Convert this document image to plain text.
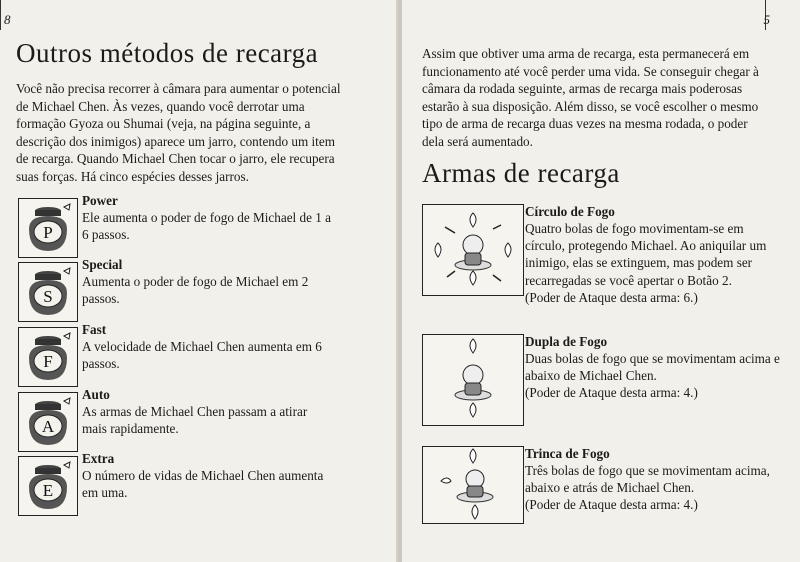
8
Outros métodos de recarga

Você não precisa recorrer à câmara para aumentar o potencial de Michael Chen. Às vezes, quando você derrotar uma formação Gyoza ou Shumai (veja, na página seguinte, a descrição dos inimigos) aparece um jarro, contendo um item de recarga. Quando Michael Chen tocar o jarro, ele recupera suas forças. Há cinco espécies desses jarros.

P
Power
Ele aumenta o poder de fogo de Michael de 1 a 6 passos.
S
Special
Aumenta o poder de fogo de Michael em 2 passos.
F
Fast
A velocidade de Michael Chen aumenta em 6 passos.
A
Auto
As armas de Michael Chen passam a atirar mais rapidamente.
E
Extra
O número de vidas de Michael Chen aumenta em uma.
5

Assim que obtiver uma arma de recarga, esta permanecerá em funcionamento até você perder uma vida. Se conseguir chegar à câmara da rodada seguinte, armas de recarga mais poderosas estarão à sua disposição. Além disso, se você escolher o mesmo tipo de arma de recarga duas vezes na mesma rodada, o poder dela será aumentado.

Armas de recarga
Círculo de Fogo
Quatro bolas de fogo movimentam-se em círculo, protegendo Michael. Ao aniquilar um inimigo, elas se extinguem, mas podem ser recarregadas se você apertar o Botão 2.
(Poder de Ataque desta arma: 6.)
Dupla de Fogo
Duas bolas de fogo que se movimentam acima e abaixo de Michael Chen.
(Poder de Ataque desta arma: 4.)
Trinca de Fogo
Três bolas de fogo que se movimentam acima, abaixo e atrás de Michael Chen.
(Poder de Ataque desta arma: 4.)
